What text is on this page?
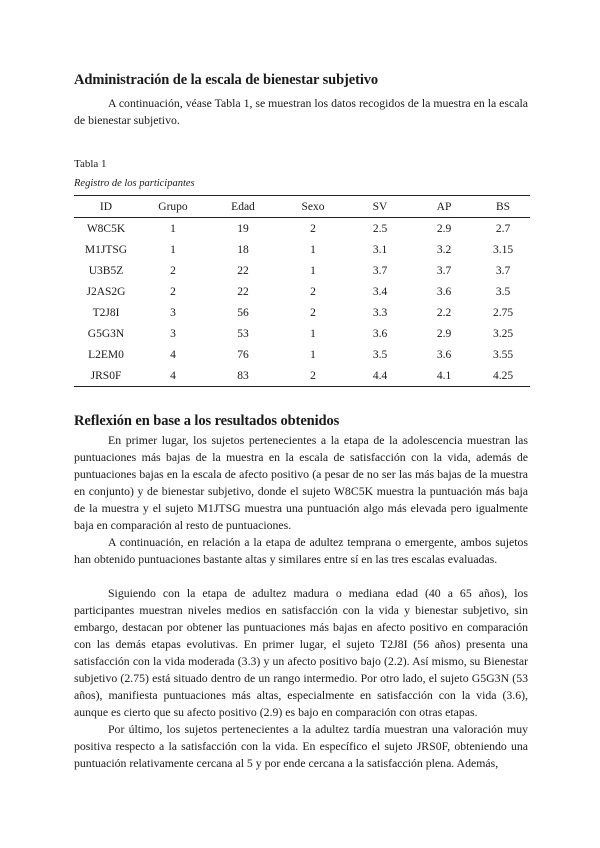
Administración de la escala de bienestar subjetivo

A continuación, véase Tabla 1, se muestran los datos recogidos de la muestra en la escala de bienestar subjetivo.

Tabla 1
Registro de los participantes
ID	Grupo	Edad	Sexo	SV	AP	BS
W8C5K	1	19	2	2.5	2.9	2.7
M1JTSG	1	18	1	3.1	3.2	3.15
U3B5Z	2	22	1	3.7	3.7	3.7
J2AS2G	2	22	2	3.4	3.6	3.5
T2J8I	3	56	2	3.3	2.2	2.75
G5G3N	3	53	1	3.6	2.9	3.25
L2EM0	4	76	1	3.5	3.6	3.55
JRS0F	4	83	2	4.4	4.1	4.25
Reflexión en base a los resultados obtenidos

En primer lugar, los sujetos pertenecientes a la etapa de la adolescencia muestran las puntuaciones más bajas de la muestra en la escala de satisfacción con la vida, además de puntuaciones bajas en la escala de afecto positivo (a pesar de no ser las más bajas de la muestra en conjunto) y de bienestar subjetivo, donde el sujeto W8C5K muestra la puntuación más baja de la muestra y el sujeto M1JTSG muestra una puntuación algo más elevada pero igualmente baja en comparación al resto de puntuaciones.

A continuación, en relación a la etapa de adultez temprana o emergente, ambos sujetos han obtenido puntuaciones bastante altas y similares entre sí en las tres escalas evaluadas.

Siguiendo con la etapa de adultez madura o mediana edad (40 a 65 años), los participantes muestran niveles medios en satisfacción con la vida y bienestar subjetivo, sin embargo, destacan por obtener las puntuaciones más bajas en afecto positivo en comparación con las demás etapas evolutivas. En primer lugar, el sujeto T2J8I (56 años) presenta una satisfacción con la vida moderada (3.3) y un afecto positivo bajo (2.2). Así mismo, su Bienestar subjetivo (2.75) está situado dentro de un rango intermedio. Por otro lado, el sujeto G5G3N (53 años), manifiesta puntuaciones más altas, especialmente en satisfacción con la vida (3.6), aunque es cierto que su afecto positivo (2.9) es bajo en comparación con otras etapas.

Por último, los sujetos pertenecientes a la adultez tardía muestran una valoración muy positiva respecto a la satisfacción con la vida. En específico el sujeto JRS0F, obteniendo una puntuación relativamente cercana al 5 y por ende cercana a la satisfacción plena. Además,
